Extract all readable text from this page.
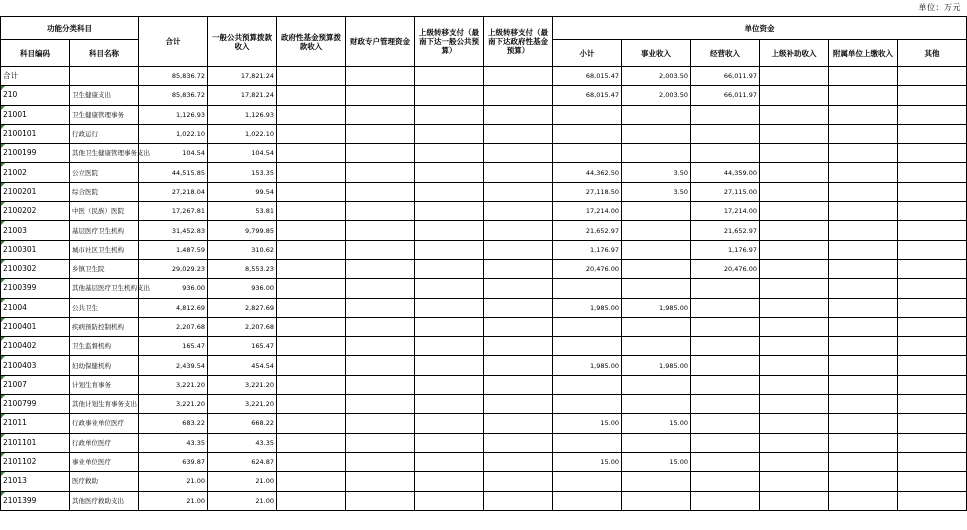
单位：万元
功能分类科目		合计	一般公共预算拨款收入	政府性基金预算拨款收入	财政专户管理资金	上级转移支付（最南下达一般公共预算）	上级转移支付（最南下达政府性基金预算）	单位资金					
科目编码	科目名称							小计	事业收入	经营收入	上级补助收入	附属单位上缴收入	其他
合计		85,836.72	17,821.24					68,015.47	2,003.50	66,011.97			
210	卫生健康支出	85,836.72	17,821.24					68,015.47	2,003.50	66,011.97			
21001	卫生健康管理事务	1,126.93	1,126.93										
2100101	行政运行	1,022.10	1,022.10										
2100199	其他卫生健康管理事务支出	104.54	104.54										
21002	公立医院	44,515.85	153.35					44,362.50	3.50	44,359.00			
2100201	综合医院	27,218.04	99.54					27,118.50	3.50	27,115.00			
2100202	中医（民族）医院	17,267.81	53.81					17,214.00		17,214.00			
21003	基层医疗卫生机构	31,452.83	9,799.85					21,652.97		21,652.97			
2100301	城市社区卫生机构	1,487.59	310.62					1,176.97		1,176.97			
2100302	乡镇卫生院	29,029.23	8,553.23					20,476.00		20,476.00			
2100399	其他基层医疗卫生机构支出	936.00	936.00										
21004	公共卫生	4,812.69	2,827.69					1,985.00	1,985.00				
2100401	疾病预防控制机构	2,207.68	2,207.68										
2100402	卫生监督机构	165.47	165.47										
2100403	妇幼保健机构	2,439.54	454.54					1,985.00	1,985.00				
21007	计划生育事务	3,221.20	3,221.20										
2100799	其他计划生育事务支出	3,221.20	3,221.20										
21011	行政事业单位医疗	683.22	668.22					15.00	15.00				
2101101	行政单位医疗	43.35	43.35										
2101102	事业单位医疗	639.87	624.87					15.00	15.00				
21013	医疗救助	21.00	21.00										
2101399	其他医疗救助支出	21.00	21.00										
